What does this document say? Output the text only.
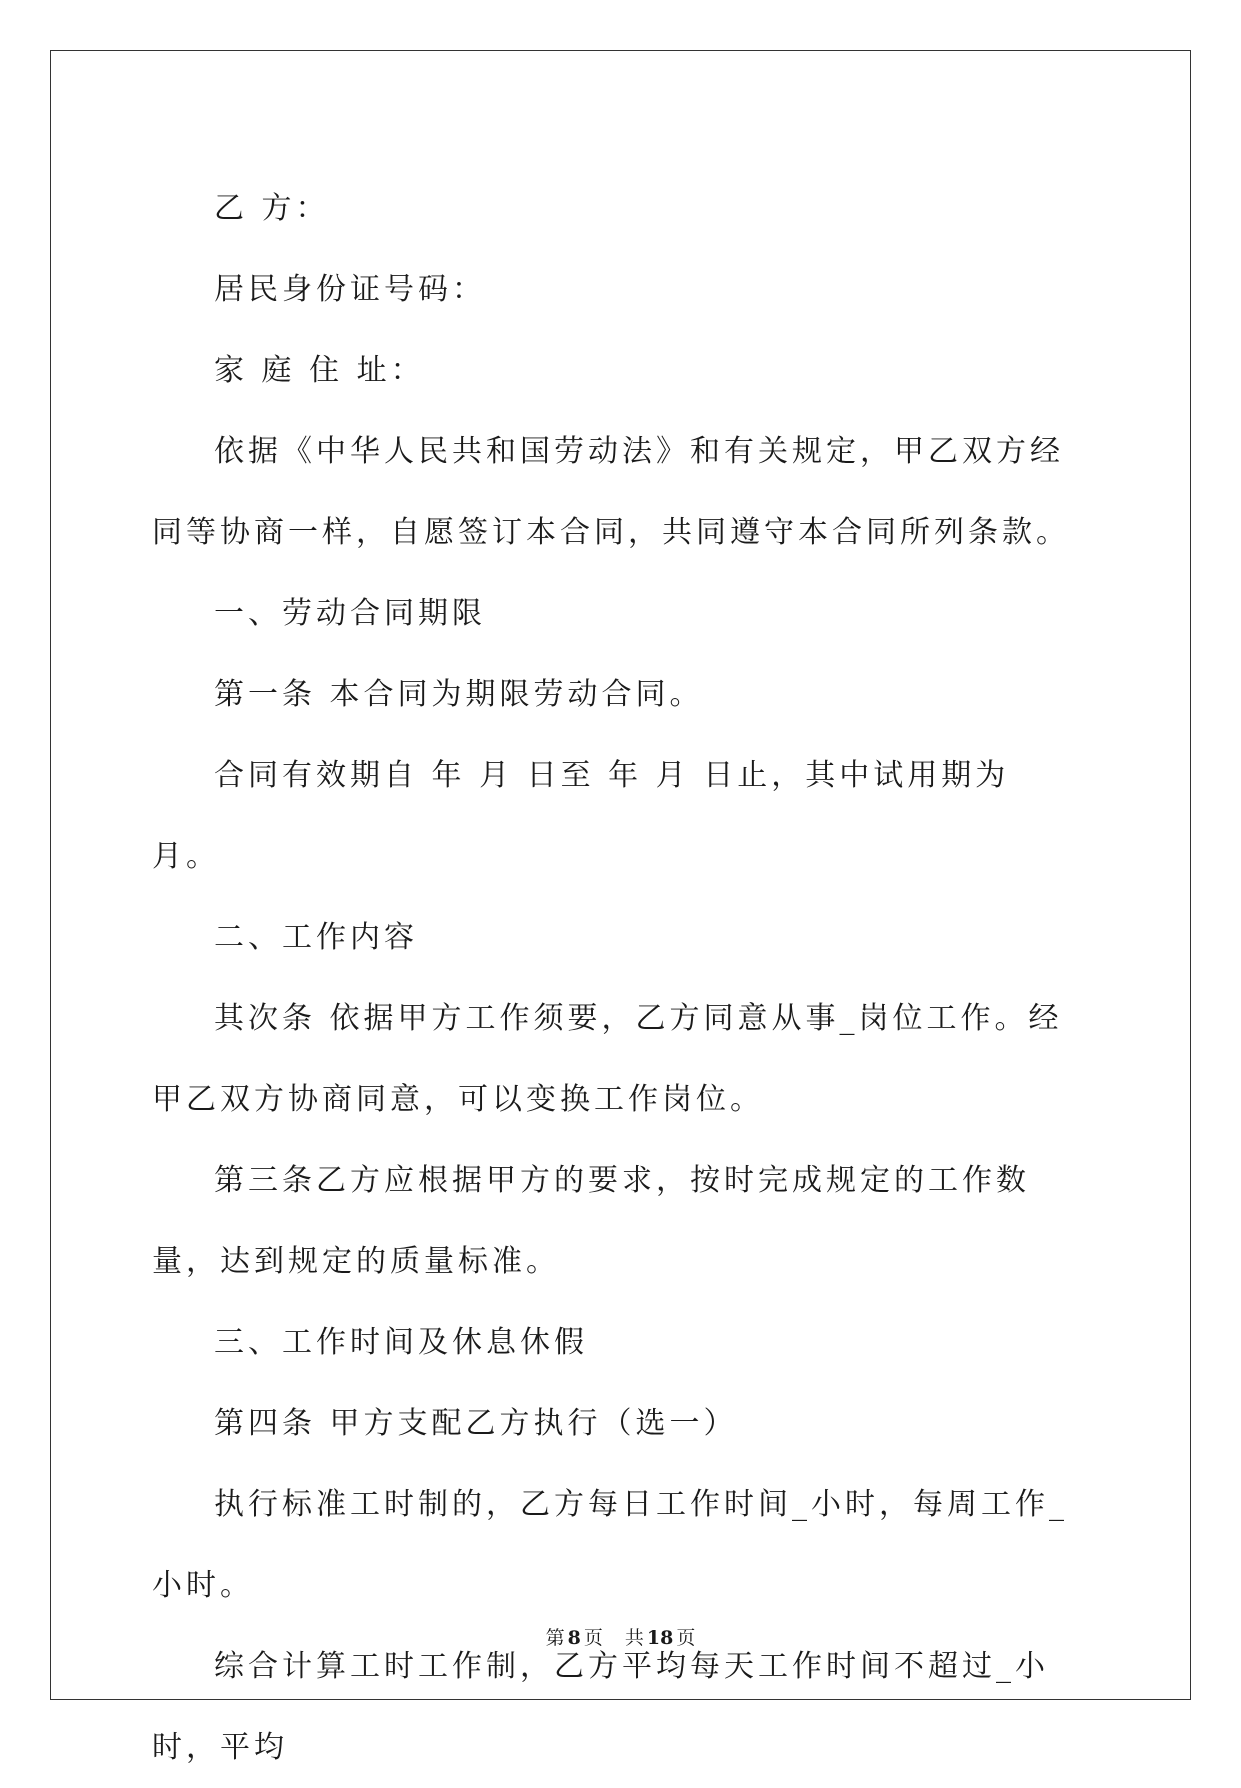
乙 方：

居民身份证号码：

家 庭 住 址：

依据《中华人民共和国劳动法》和有关规定，甲乙双方经同等协商一样，自愿签订本合同，共同遵守本合同所列条款。

一、劳动合同期限

第一条 本合同为期限劳动合同。

合同有效期自 年 月 日至 年 月 日止，其中试用期为 月。

二、工作内容

其次条 依据甲方工作须要，乙方同意从事_岗位工作。经甲乙双方协商同意，可以变换工作岗位。

第三条乙方应根据甲方的要求，按时完成规定的工作数量，达到规定的质量标准。

三、工作时间及休息休假

第四条 甲方支配乙方执行（选一）

执行标准工时制的，乙方每日工作时间_小时，每周工作_小时。

综合计算工时工作制，乙方平均每天工作时间不超过_小时，平均

第 8 页 共 18 页
